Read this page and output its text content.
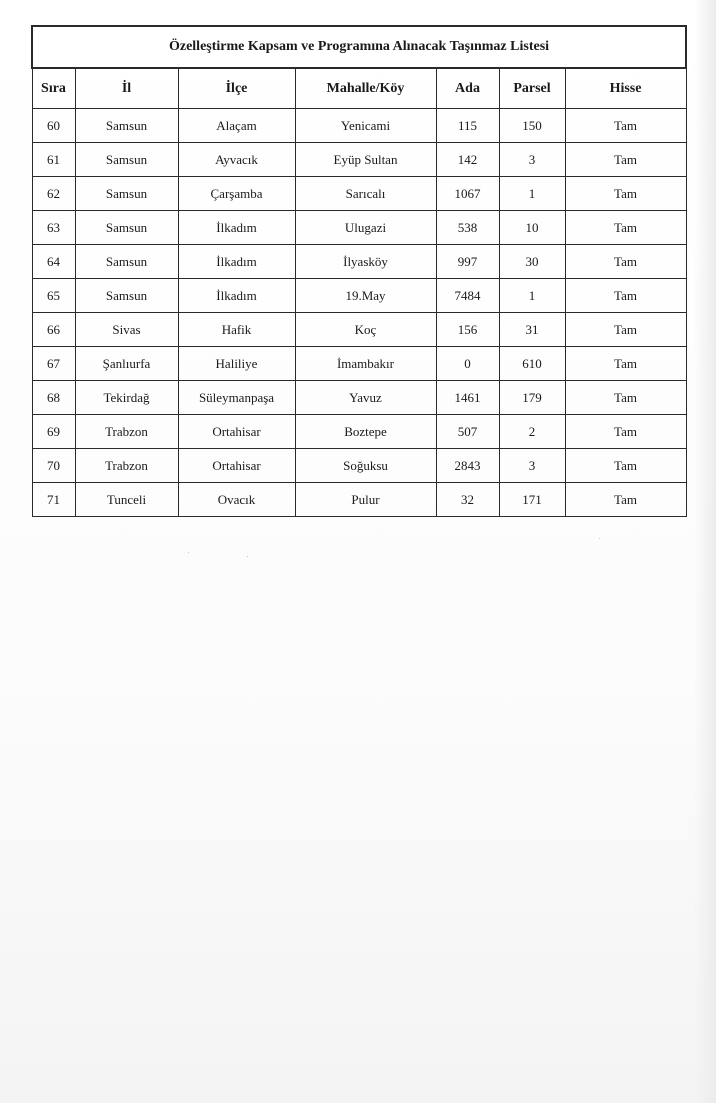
Özelleştirme Kapsam ve Programına Alınacak Taşınmaz Listesi						
Sıra	İl	İlçe	Mahalle/Köy	Ada	Parsel	Hisse
60	Samsun	Alaçam	Yenicami	115	150	Tam
61	Samsun	Ayvacık	Eyüp Sultan	142	3	Tam
62	Samsun	Çarşamba	Sarıcalı	1067	1	Tam
63	Samsun	İlkadım	Ulugazi	538	10	Tam
64	Samsun	İlkadım	İlyasköy	997	30	Tam
65	Samsun	İlkadım	19.May	7484	1	Tam
66	Sivas	Hafik	Koç	156	31	Tam
67	Şanlıurfa	Haliliye	İmambakır	0	610	Tam
68	Tekirdağ	Süleymanpaşa	Yavuz	1461	179	Tam
69	Trabzon	Ortahisar	Boztepe	507	2	Tam
70	Trabzon	Ortahisar	Soğuksu	2843	3	Tam
71	Tunceli	Ovacık	Pulur	32	171	Tam
